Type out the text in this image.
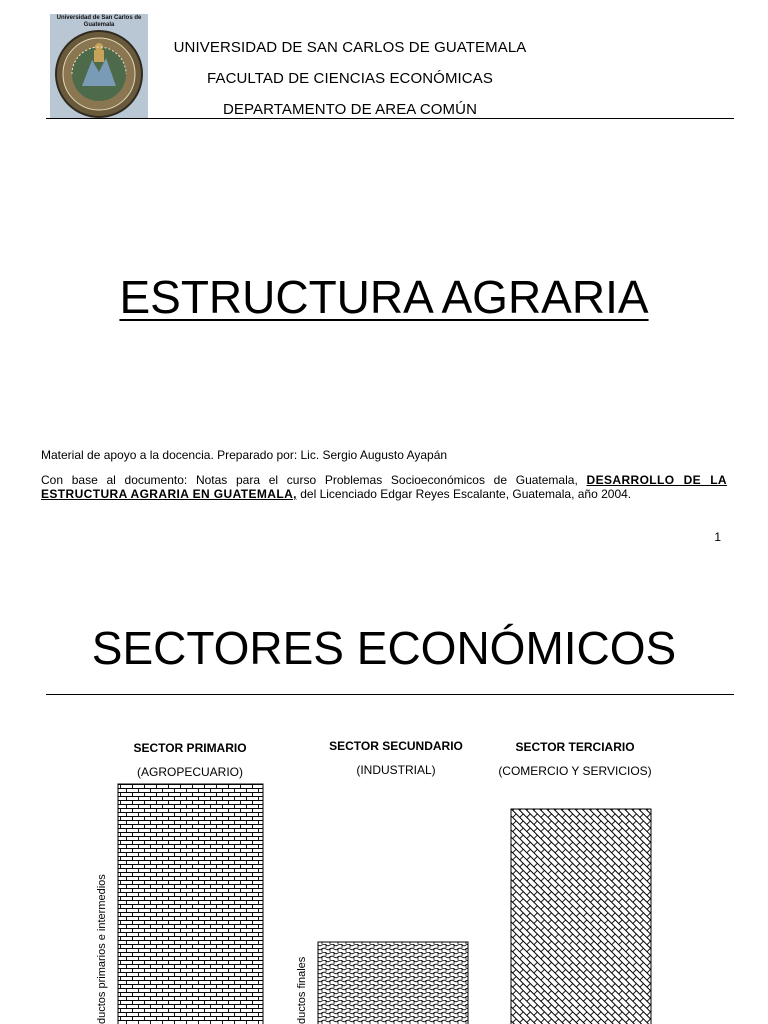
Universidad de San Carlos de Guatemala
UNIVERSIDAD DE SAN CARLOS DE GUATEMALA
FACULTAD DE CIENCIAS ECONÓMICAS
DEPARTAMENTO DE AREA COMÚN
ESTRUCTURA AGRARIA
Material de apoyo a la docencia. Preparado por: Lic. Sergio Augusto Ayapán
Con base al documento: Notas para el curso Problemas Socioeconómicos de Guatemala, DESARROLLO DE LA ESTRUCTURA AGRARIA EN GUATEMALA, del Licenciado Edgar Reyes Escalante, Guatemala, año 2004.
1
SECTORES ECONÓMICOS
SECTOR PRIMARIO
(AGROPECUARIO)
SECTOR SECUNDARIO
(INDUSTRIAL)
SECTOR TERCIARIO
(COMERCIO Y SERVICIOS)
ductos primarios e intermedios	ductos finales
